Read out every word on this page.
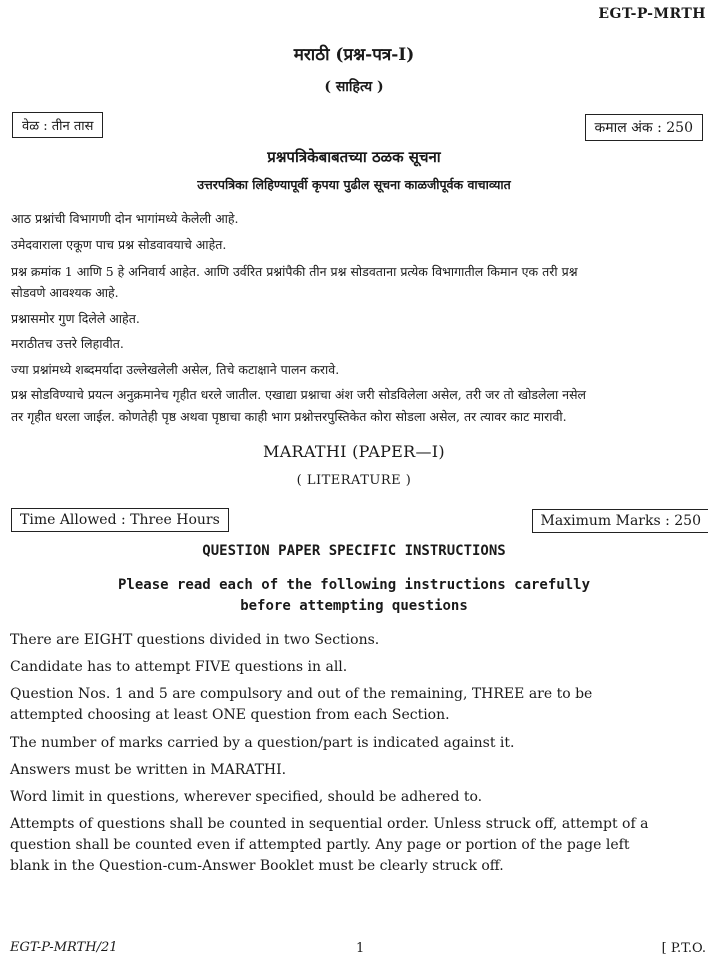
EGT-P-MRTH
मराठी (प्रश्न-पत्र-I)
( साहित्य )
वेळ : तीन तास	कमाल अंक : 250
प्रश्नपत्रिकेबाबतच्या ठळक सूचना
उत्तरपत्रिका लिहिण्यापूर्वी कृपया पुढील सूचना काळजीपूर्वक वाचाव्यात
आठ प्रश्नांची विभागणी दोन भागांमध्ये केलेली आहे.
उमेदवाराला एकूण पाच प्रश्न सोडवावयाचे आहेत.
प्रश्न क्रमांक 1 आणि 5 हे अनिवार्य आहेत. आणि उर्वरित प्रश्नांपैकी तीन प्रश्न सोडवताना प्रत्येक विभागातील किमान एक तरी प्रश्न
सोडवणे आवश्यक आहे.
प्रश्नासमोर गुण दिलेले आहेत.
मराठीतच उत्तरे लिहावीत.
ज्या प्रश्नांमध्ये शब्दमर्यादा उल्लेखलेली असेल, तिचे कटाक्षाने पालन करावे.
प्रश्न सोडविण्याचे प्रयत्न अनुक्रमानेच गृहीत धरले जातील. एखाद्या प्रश्नाचा अंश जरी सोडविलेला असेल, तरी जर तो खोडलेला नसेल
तर गृहीत धरला जाईल. कोणतेही पृष्ठ अथवा पृष्ठाचा काही भाग प्रश्नोत्तरपुस्तिकेत कोरा सोडला असेल, तर त्यावर काट मारावी.
MARATHI (PAPER—I)
( LITERATURE )
Time Allowed : Three Hours	Maximum Marks : 250
QUESTION PAPER SPECIFIC INSTRUCTIONS
Please read each of the following instructions carefully
before attempting questions
There are EIGHT questions divided in two Sections.
Candidate has to attempt FIVE questions in all.
Question Nos. 1 and 5 are compulsory and out of the remaining, THREE are to be
attempted choosing at least ONE question from each Section.
The number of marks carried by a question/part is indicated against it.
Answers must be written in MARATHI.
Word limit in questions, wherever specified, should be adhered to.
Attempts of questions shall be counted in sequential order. Unless struck off, attempt of a
question shall be counted even if attempted partly. Any page or portion of the page left
blank in the Question-cum-Answer Booklet must be clearly struck off.
EGT-P-MRTH/21	1	[ P.T.O.
